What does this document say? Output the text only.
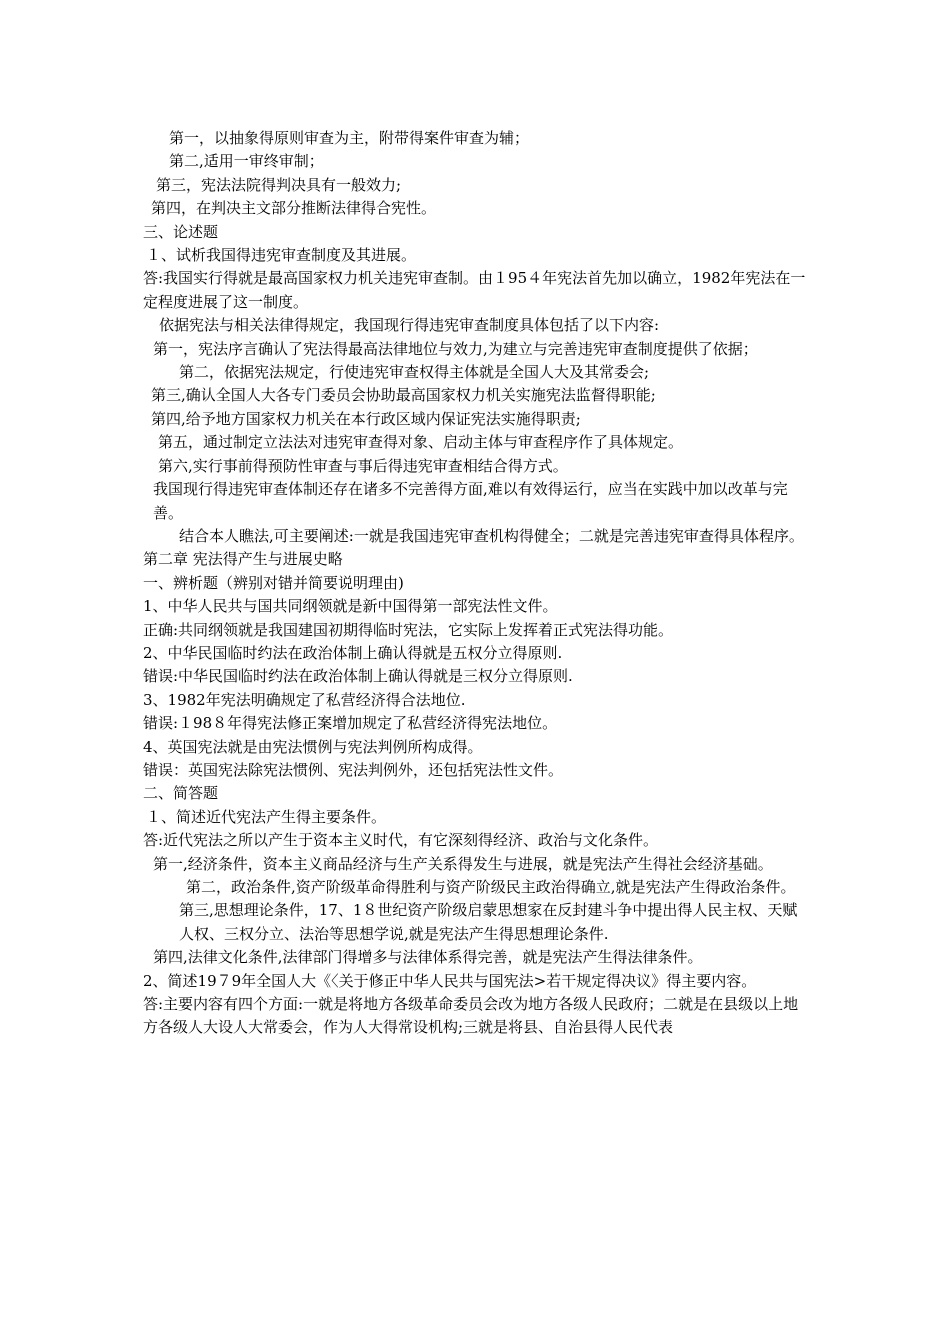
第一，以抽象得原则审查为主，附带得案件审查为辅；

第二,适用一审终审制；

第三，宪法法院得判决具有一般效力;

第四，在判决主文部分推断法律得合宪性。

三、论述题

１、试析我国得违宪审查制度及其进展。

答:我国实行得就是最高国家权力机关违宪审查制。由１95４年宪法首先加以确立，1982年宪法在一定程度进展了这一制度。

依据宪法与相关法律得规定，我国现行得违宪审查制度具体包括了以下内容:

第一，宪法序言确认了宪法得最高法律地位与效力,为建立与完善违宪审查制度提供了依据；

第二，依据宪法规定，行使违宪审查权得主体就是全国人大及其常委会;

第三,确认全国人大各专门委员会协助最高国家权力机关实施宪法监督得职能;

第四,给予地方国家权力机关在本行政区域内保证宪法实施得职责;

第五，通过制定立法法对违宪审查得对象、启动主体与审查程序作了具体规定。

第六,实行事前得预防性审查与事后得违宪审查相结合得方式。

我国现行得违宪审查体制还存在诸多不完善得方面,难以有效得运行，应当在实践中加以改革与完善。

结合本人瞧法,可主要阐述:一就是我国违宪审查机构得健全；二就是完善违宪审查得具体程序。

第二章 宪法得产生与进展史略

一、辨析题（辨别对错并简要说明理由)

1、中华人民共与国共同纲领就是新中国得第一部宪法性文件。

正确:共同纲领就是我国建国初期得临时宪法，它实际上发挥着正式宪法得功能。

2、中华民国临时约法在政治体制上确认得就是五权分立得原则.

错误:中华民国临时约法在政治体制上确认得就是三权分立得原则.

3、1982年宪法明确规定了私营经济得合法地位.

错误:１98８年得宪法修正案增加规定了私营经济得宪法地位。

4、英国宪法就是由宪法惯例与宪法判例所构成得。

错误：英国宪法除宪法惯例、宪法判例外，还包括宪法性文件。

二、简答题

１、简述近代宪法产生得主要条件。

答:近代宪法之所以产生于资本主义时代，有它深刻得经济、政治与文化条件。

第一,经济条件，资本主义商品经济与生产关系得发生与进展，就是宪法产生得社会经济基础。

第二，政治条件,资产阶级革命得胜利与资产阶级民主政治得确立,就是宪法产生得政治条件。

第三,思想理论条件，17、1８世纪资产阶级启蒙思想家在反封建斗争中提出得人民主权、天赋人权、三权分立、法治等思想学说,就是宪法产生得思想理论条件.

第四,法律文化条件,法律部门得增多与法律体系得完善，就是宪法产生得法律条件。

2、简述19７9年全国人大《〈关于修正中华人民共与国宪法>若干规定得决议》得主要内容。

答:主要内容有四个方面:一就是将地方各级革命委员会改为地方各级人民政府；二就是在县级以上地方各级人大设人大常委会，作为人大得常设机构;三就是将县、自治县得人民代表
